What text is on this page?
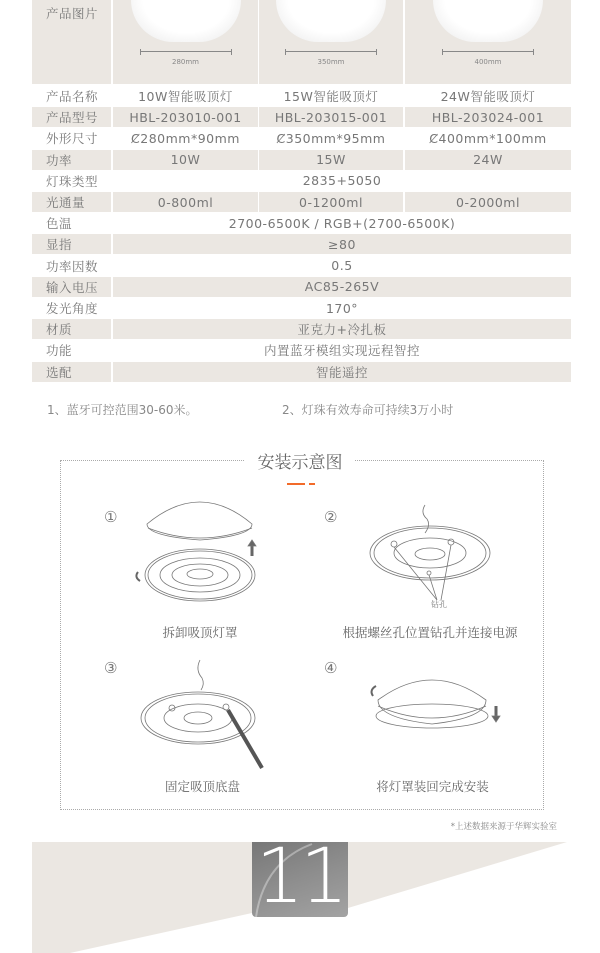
产品图片
280mm	350mm	400mm
产品名称	10W智能吸顶灯	15W智能吸顶灯	24W智能吸顶灯
产品型号	HBL-203010-001	HBL-203015-001	HBL-203024-001
外形尺寸	Ȼ280mm*90mm	Ȼ350mm*95mm	Ȼ400mm*100mm
功率	10W	15W	24W
灯珠类型	2835+5050
光通量	0-800ml	0-1200ml	0-2000ml
色温	2700-6500K / RGB+(2700-6500K)
显指	≥80
功率因数	0.5
输入电压	AC85-265V
发光角度	170°
材质	亚克力+冷扎板
功能	内置蓝牙模组实现远程智控
选配	智能遥控
1、蓝牙可控范围30-60米。	2、灯珠有效寿命可持续3万小时
安装示意图
①	②
③	④
钻孔
拆卸吸顶灯罩	根据螺丝孔位置钻孔并连接电源
固定吸顶底盘	将灯罩装回完成安装
*上述数据来源于华辉实验室
11
